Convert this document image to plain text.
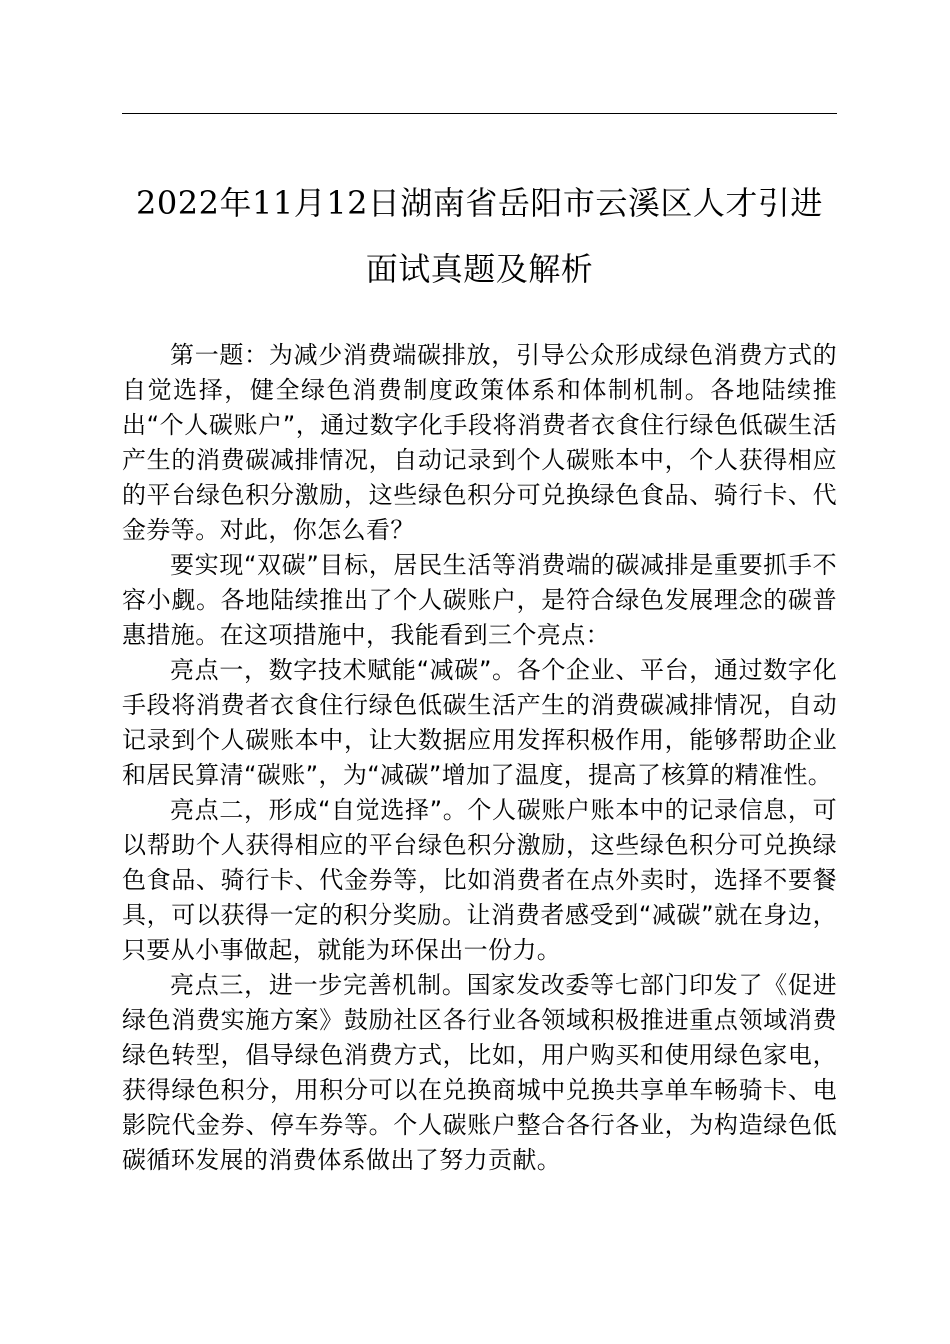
2022年11月12日湖南省岳阳市云溪区人才引进面试真题及解析

第一题：为减少消费端碳排放，引导公众形成绿色消费方式的自觉选择，健全绿色消费制度政策体系和体制机制。各地陆续推出“个人碳账户”，通过数字化手段将消费者衣食住行绿色低碳生活产生的消费碳减排情况，自动记录到个人碳账本中，个人获得相应的平台绿色积分激励，这些绿色积分可兑换绿色食品、骑行卡、代金券等。对此，你怎么看？

要实现“双碳”目标，居民生活等消费端的碳减排是重要抓手不容小觑。各地陆续推出了个人碳账户，是符合绿色发展理念的碳普惠措施。在这项措施中，我能看到三个亮点：

亮点一，数字技术赋能“减碳”。各个企业、平台，通过数字化手段将消费者衣食住行绿色低碳生活产生的消费碳减排情况，自动记录到个人碳账本中，让大数据应用发挥积极作用，能够帮助企业和居民算清“碳账”，为“减碳”增加了温度，提高了核算的精准性。

亮点二，形成“自觉选择”。个人碳账户账本中的记录信息，可以帮助个人获得相应的平台绿色积分激励，这些绿色积分可兑换绿色食品、骑行卡、代金券等，比如消费者在点外卖时，选择不要餐具，可以获得一定的积分奖励。让消费者感受到“减碳”就在身边，只要从小事做起，就能为环保出一份力。

亮点三，进一步完善机制。国家发改委等七部门印发了《促进绿色消费实施方案》鼓励社区各行业各领域积极推进重点领域消费绿色转型，倡导绿色消费方式，比如，用户购买和使用绿色家电，获得绿色积分，用积分可以在兑换商城中兑换共享单车畅骑卡、电影院代金券、停车券等。个人碳账户整合各行各业，为构造绿色低碳循环发展的消费体系做出了努力贡献。
